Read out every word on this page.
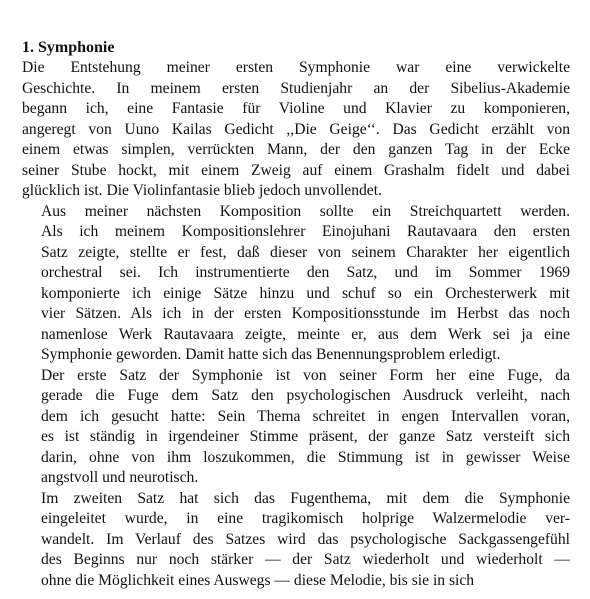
1. Symphonie

Die Entstehung meiner ersten Symphonie war eine verwickelte
Geschichte. In meinem ersten Studienjahr an der Sibelius-Akademie
begann ich, eine Fantasie für Violine und Klavier zu komponieren,
angeregt von Uuno Kailas Gedicht ,,Die Geige‘‘. Das Gedicht erzählt von
einem etwas simplen, verrückten Mann, der den ganzen Tag in der Ecke
seiner Stube hockt, mit einem Zweig auf einem Grashalm fidelt und dabei
glücklich ist. Die Violinfantasie blieb jedoch unvollendet.

Aus meiner nächsten Komposition sollte ein Streichquartett werden.
Als ich meinem Kompositionslehrer Einojuhani Rautavaara den ersten
Satz zeigte, stellte er fest, daß dieser von seinem Charakter her eigentlich
orchestral sei. Ich instrumentierte den Satz, und im Sommer 1969
komponierte ich einige Sätze hinzu und schuf so ein Orchesterwerk mit
vier Sätzen. Als ich in der ersten Kompositionsstunde im Herbst das noch
namenlose Werk Rautavaara zeigte, meinte er, aus dem Werk sei ja eine
Symphonie geworden. Damit hatte sich das Benennungsproblem erledigt.

Der erste Satz der Symphonie ist von seiner Form her eine Fuge, da
gerade die Fuge dem Satz den psychologischen Ausdruck verleiht, nach
dem ich gesucht hatte: Sein Thema schreitet in engen Intervallen voran,
es ist ständig in irgendeiner Stimme präsent, der ganze Satz versteift sich
darin, ohne von ihm loszukommen, die Stimmung ist in gewisser Weise
angstvoll und neurotisch.

Im zweiten Satz hat sich das Fugenthema, mit dem die Symphonie
eingeleitet wurde, in eine tragikomisch holprige Walzermelodie ver-
wandelt. Im Verlauf des Satzes wird das psychologische Sackgassengefühl
des Beginns nur noch stärker — der Satz wiederholt und wiederholt —
ohne die Möglichkeit eines Auswegs — diese Melodie, bis sie in sich
